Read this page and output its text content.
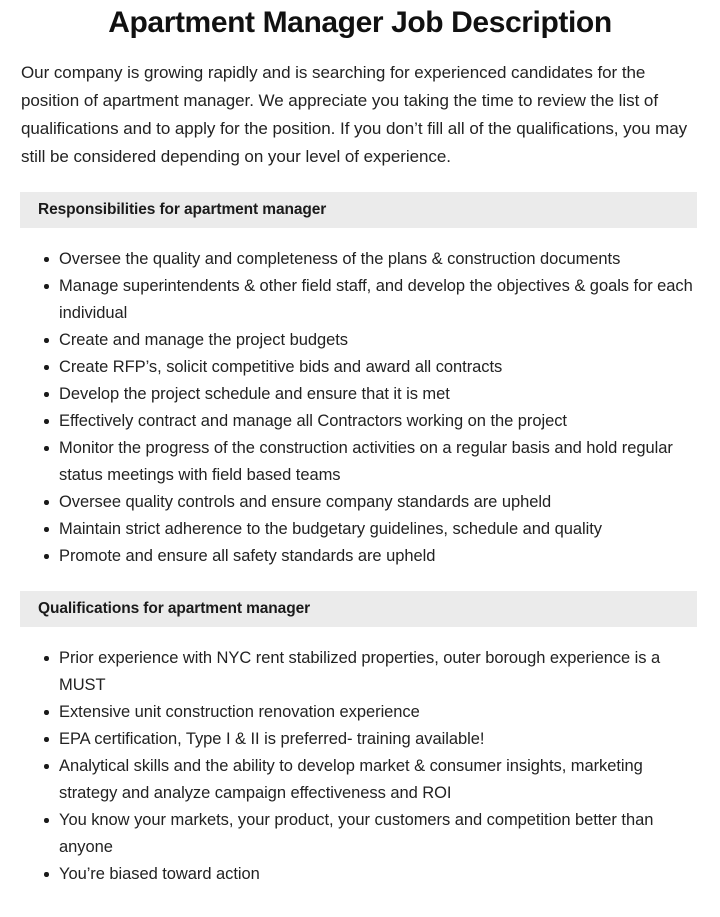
Apartment Manager Job Description

Our company is growing rapidly and is searching for experienced candidates for the position of apartment manager. We appreciate you taking the time to review the list of qualifications and to apply for the position. If you don’t fill all of the qualifications, you may still be considered depending on your level of experience.

Responsibilities for apartment manager
Oversee the quality and completeness of the plans & construction documents
Manage superintendents & other field staff, and develop the objectives & goals for each individual
Create and manage the project budgets
Create RFP’s, solicit competitive bids and award all contracts
Develop the project schedule and ensure that it is met
Effectively contract and manage all Contractors working on the project
Monitor the progress of the construction activities on a regular basis and hold regular status meetings with field based teams
Oversee quality controls and ensure company standards are upheld
Maintain strict adherence to the budgetary guidelines, schedule and quality
Promote and ensure all safety standards are upheld
Qualifications for apartment manager
Prior experience with NYC rent stabilized properties, outer borough experience is a MUST
Extensive unit construction renovation experience
EPA certification, Type I & II is preferred- training available!
Analytical skills and the ability to develop market & consumer insights, marketing strategy and analyze campaign effectiveness and ROI
You know your markets, your product, your customers and competition better than anyone
You’re biased toward action
